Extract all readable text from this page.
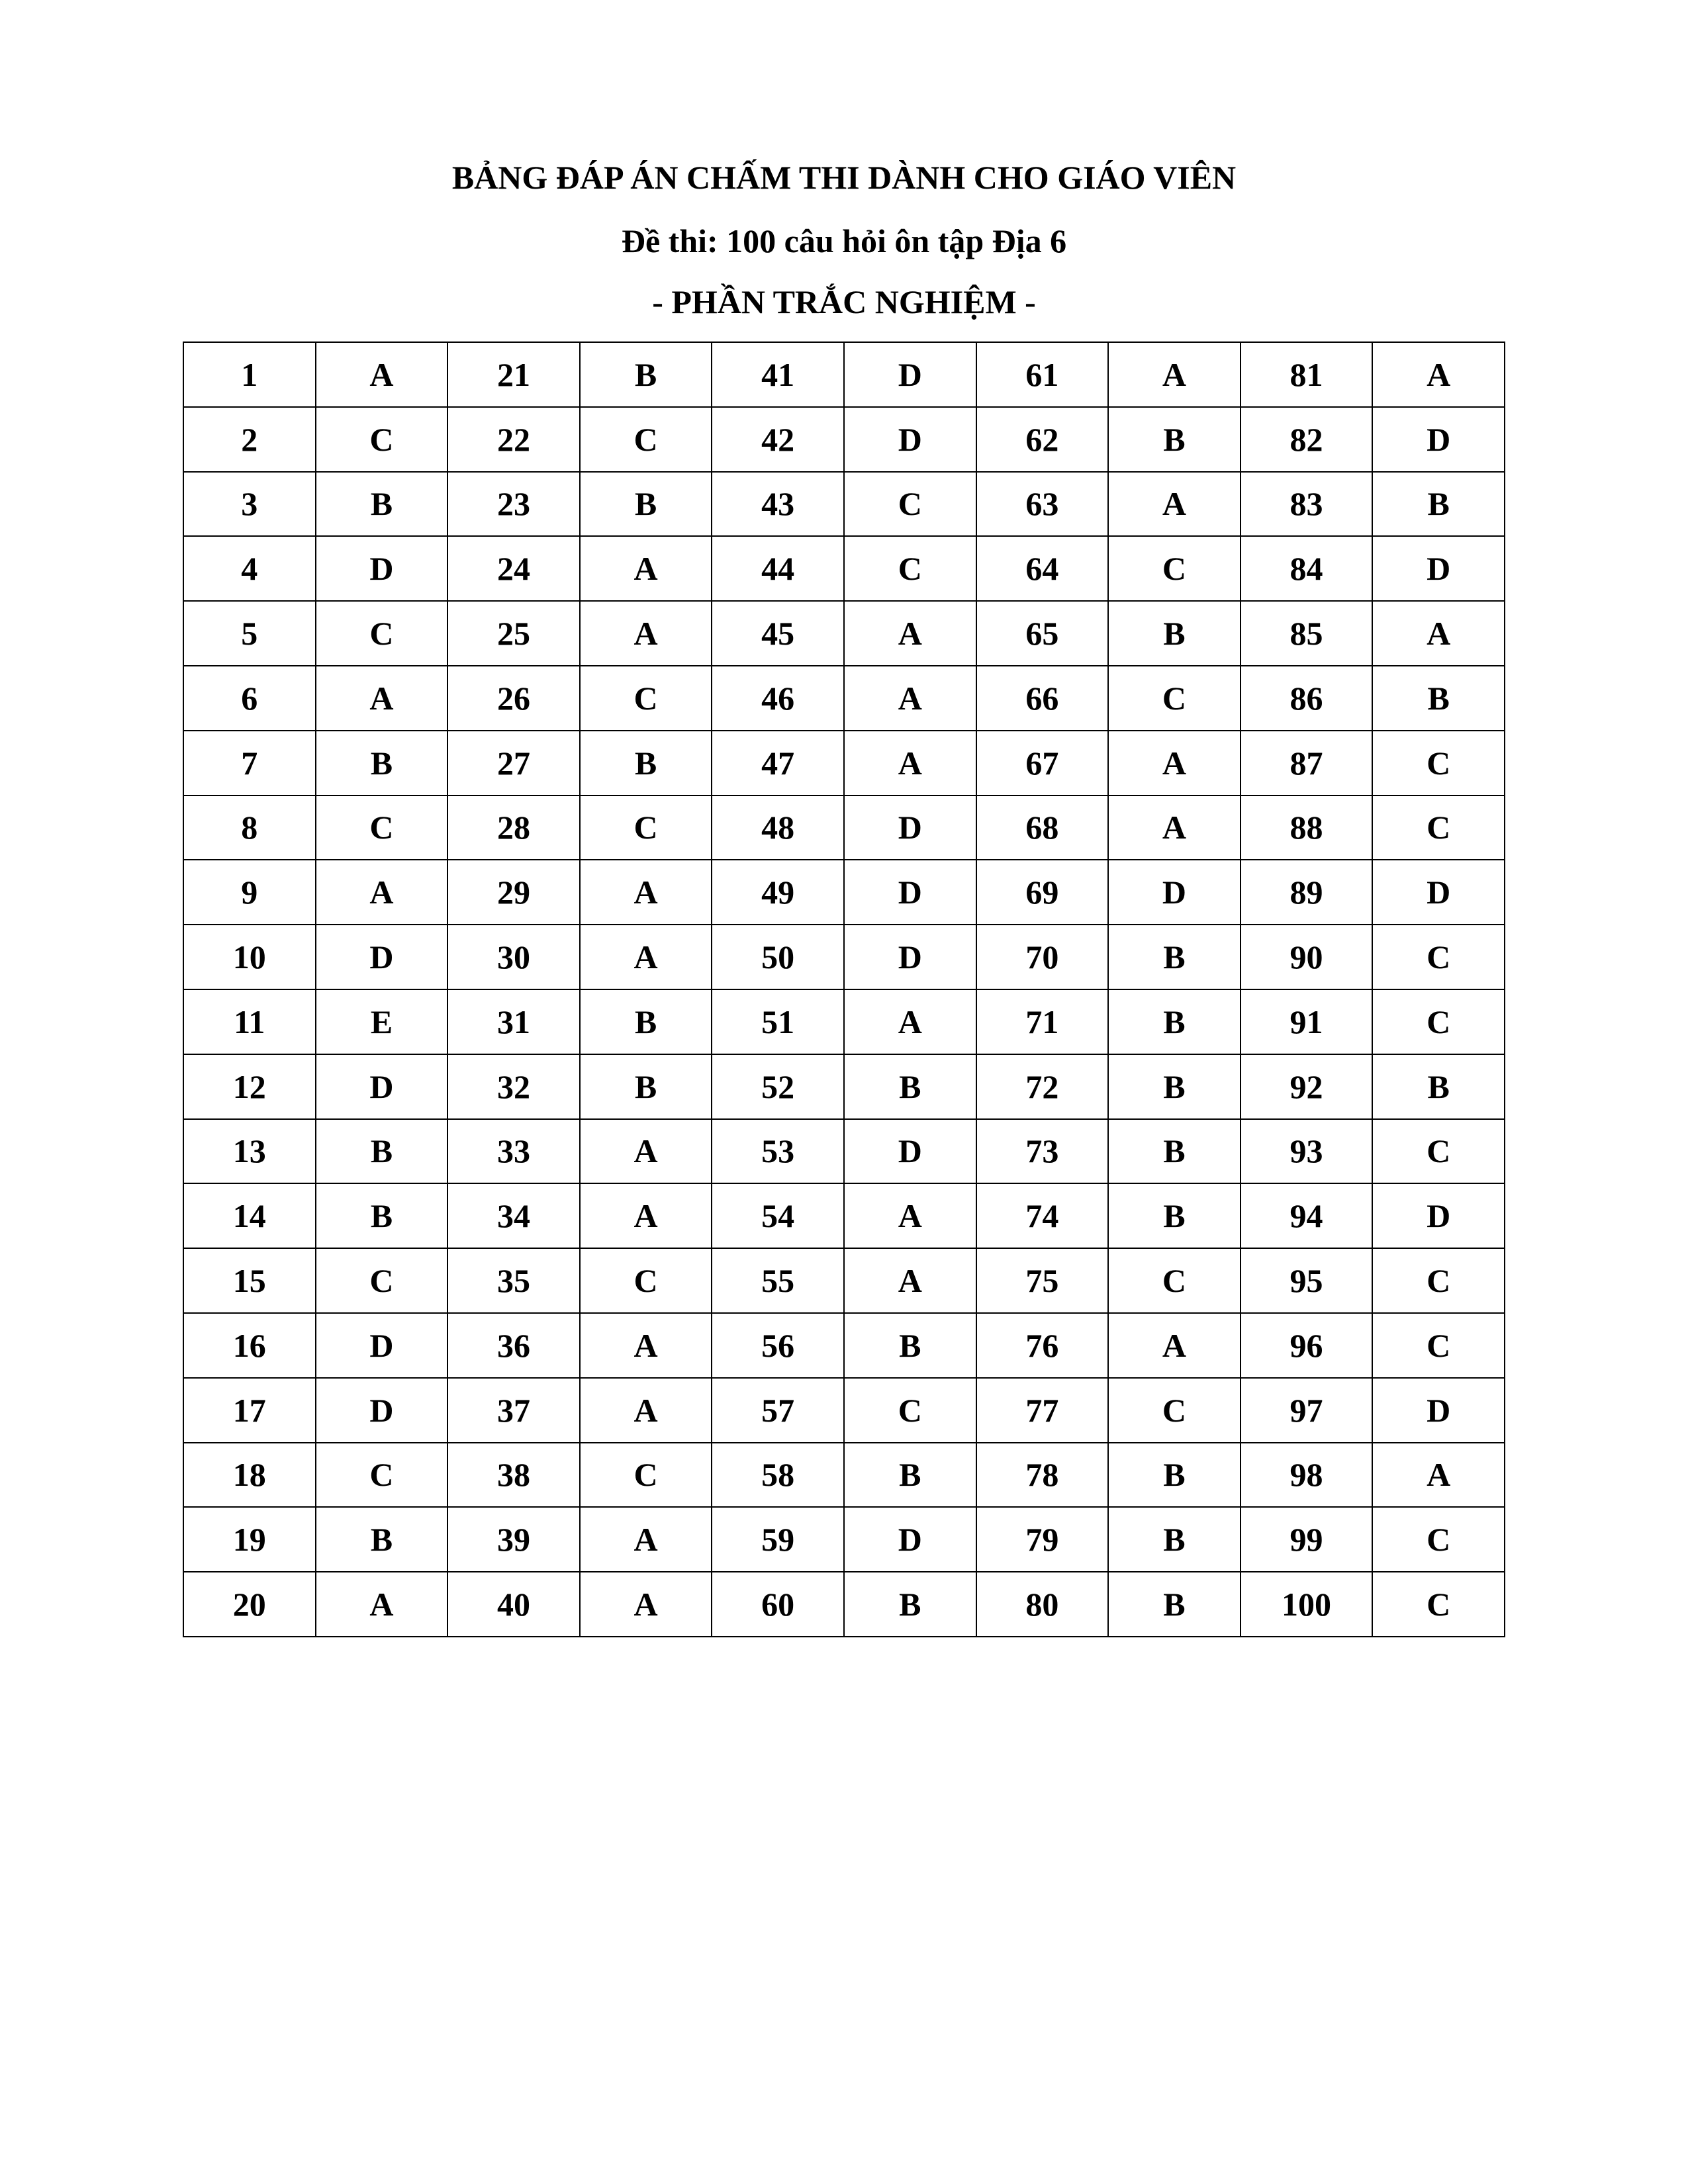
BẢNG ĐÁP ÁN CHẤM THI DÀNH CHO GIÁO VIÊN
Đề thi: 100 câu hỏi ôn tập Địa 6
- PHẦN TRẮC NGHIỆM -
1	A	21	B	41	D	61	A	81	A
2	C	22	C	42	D	62	B	82	D
3	B	23	B	43	C	63	A	83	B
4	D	24	A	44	C	64	C	84	D
5	C	25	A	45	A	65	B	85	A
6	A	26	C	46	A	66	C	86	B
7	B	27	B	47	A	67	A	87	C
8	C	28	C	48	D	68	A	88	C
9	A	29	A	49	D	69	D	89	D
10	D	30	A	50	D	70	B	90	C
11	E	31	B	51	A	71	B	91	C
12	D	32	B	52	B	72	B	92	B
13	B	33	A	53	D	73	B	93	C
14	B	34	A	54	A	74	B	94	D
15	C	35	C	55	A	75	C	95	C
16	D	36	A	56	B	76	A	96	C
17	D	37	A	57	C	77	C	97	D
18	C	38	C	58	B	78	B	98	A
19	B	39	A	59	D	79	B	99	C
20	A	40	A	60	B	80	B	100	C
